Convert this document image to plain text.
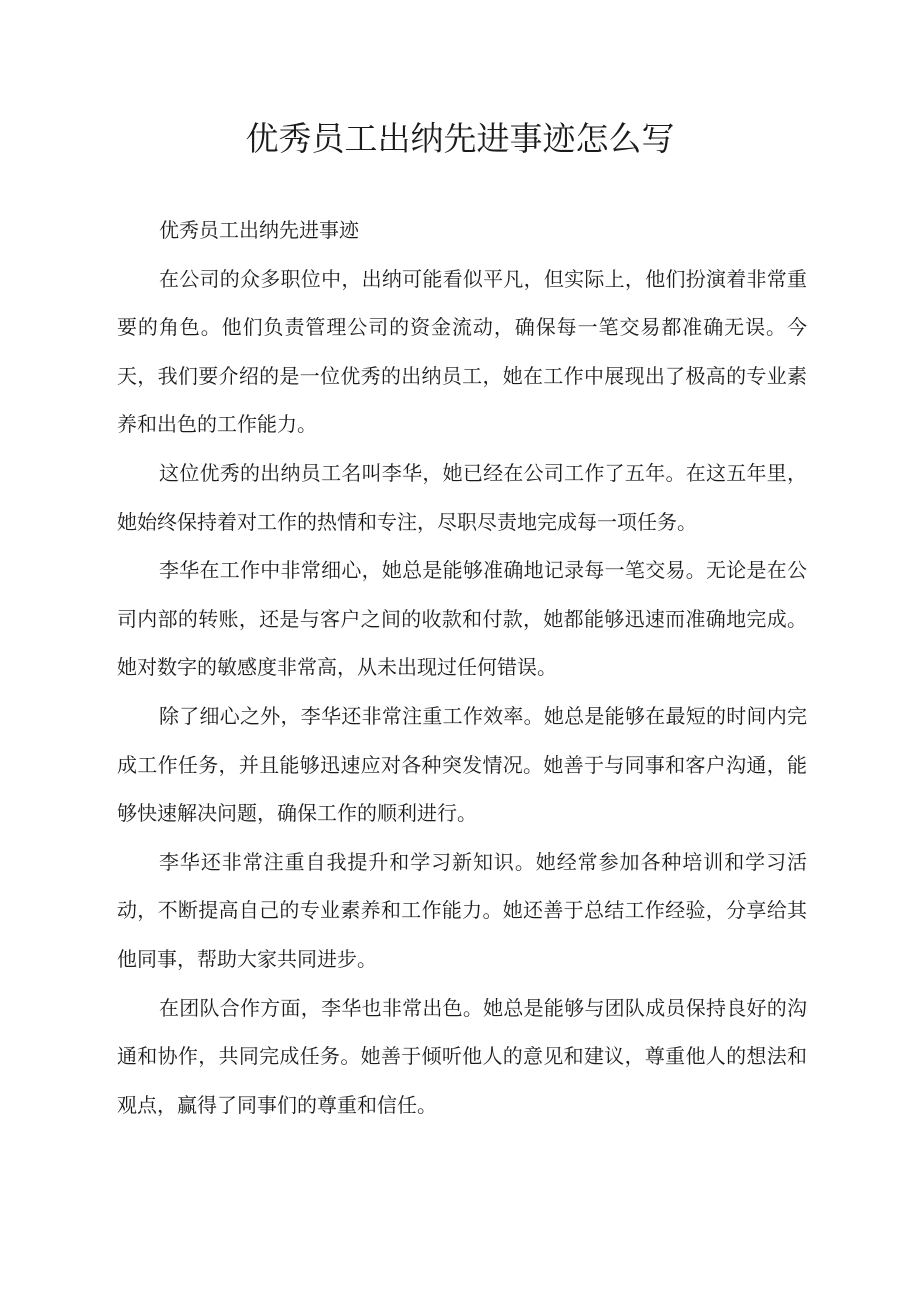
优秀员工出纳先进事迹怎么写

优秀员工出纳先进事迹

在公司的众多职位中，出纳可能看似平凡，但实际上，他们扮演着非常重要的角色。他们负责管理公司的资金流动，确保每一笔交易都准确无误。今天，我们要介绍的是一位优秀的出纳员工，她在工作中展现出了极高的专业素养和出色的工作能力。

这位优秀的出纳员工名叫李华，她已经在公司工作了五年。在这五年里，她始终保持着对工作的热情和专注，尽职尽责地完成每一项任务。

李华在工作中非常细心，她总是能够准确地记录每一笔交易。无论是在公司内部的转账，还是与客户之间的收款和付款，她都能够迅速而准确地完成。她对数字的敏感度非常高，从未出现过任何错误。

除了细心之外，李华还非常注重工作效率。她总是能够在最短的时间内完成工作任务，并且能够迅速应对各种突发情况。她善于与同事和客户沟通，能够快速解决问题，确保工作的顺利进行。

李华还非常注重自我提升和学习新知识。她经常参加各种培训和学习活动，不断提高自己的专业素养和工作能力。她还善于总结工作经验，分享给其他同事，帮助大家共同进步。

在团队合作方面，李华也非常出色。她总是能够与团队成员保持良好的沟通和协作，共同完成任务。她善于倾听他人的意见和建议，尊重他人的想法和观点，赢得了同事们的尊重和信任。
